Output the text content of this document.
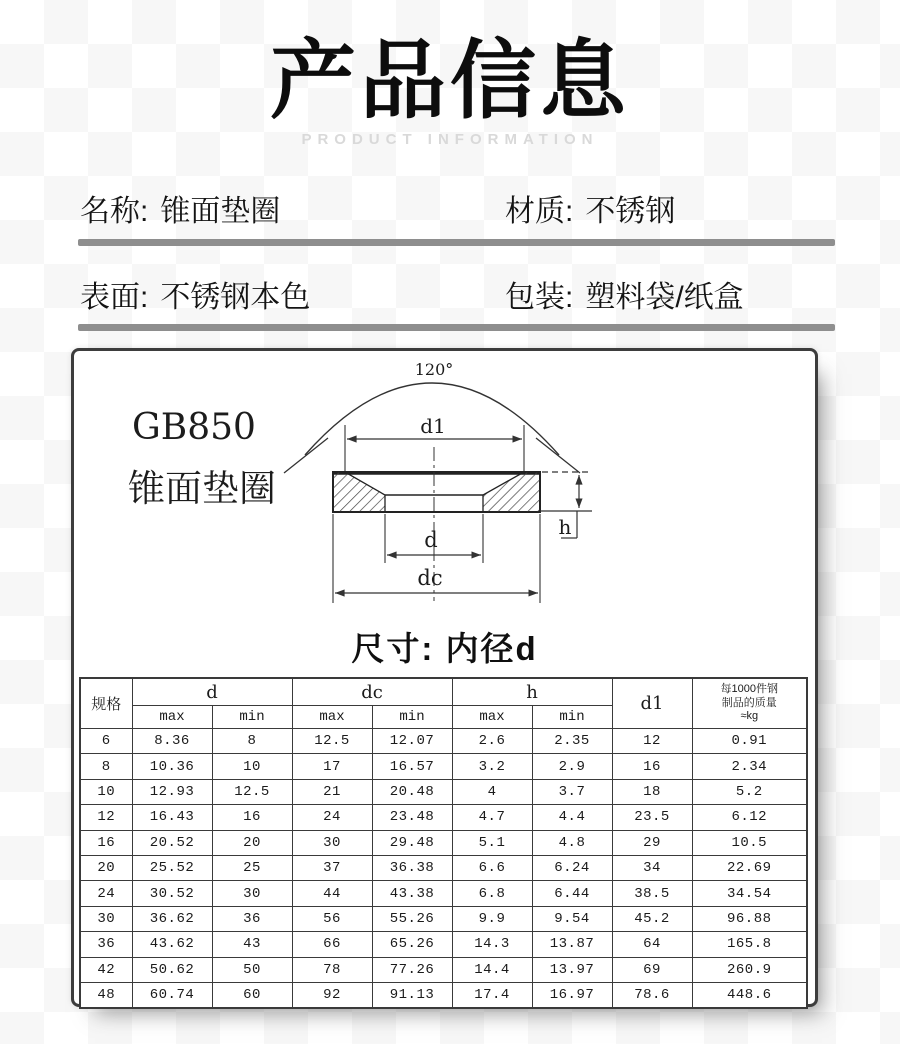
产品信息
PRODUCT INFORMATION
名称: 锥面垫圈	材质: 不锈钢
表面: 不锈钢本色	包装: 塑料袋/纸盒
GB850
锥面垫圈
120°
d1
h
d
dc
尺寸: 内径d
规格	d		dc		h		d1	每1000件钢
制品的质量
≈kg

	max	min	max	min	max	min		
6	8.36	8	12.5	12.07	2.6	2.35	12	0.91
8	10.36	10	17	16.57	3.2	2.9	16	2.34
10	12.93	12.5	21	20.48	4	3.7	18	5.2
12	16.43	16	24	23.48	4.7	4.4	23.5	6.12
16	20.52	20	30	29.48	5.1	4.8	29	10.5
20	25.52	25	37	36.38	6.6	6.24	34	22.69
24	30.52	30	44	43.38	6.8	6.44	38.5	34.54
30	36.62	36	56	55.26	9.9	9.54	45.2	96.88
36	43.62	43	66	65.26	14.3	13.87	64	165.8
42	50.62	50	78	77.26	14.4	13.97	69	260.9
48	60.74	60	92	91.13	17.4	16.97	78.6	448.6
